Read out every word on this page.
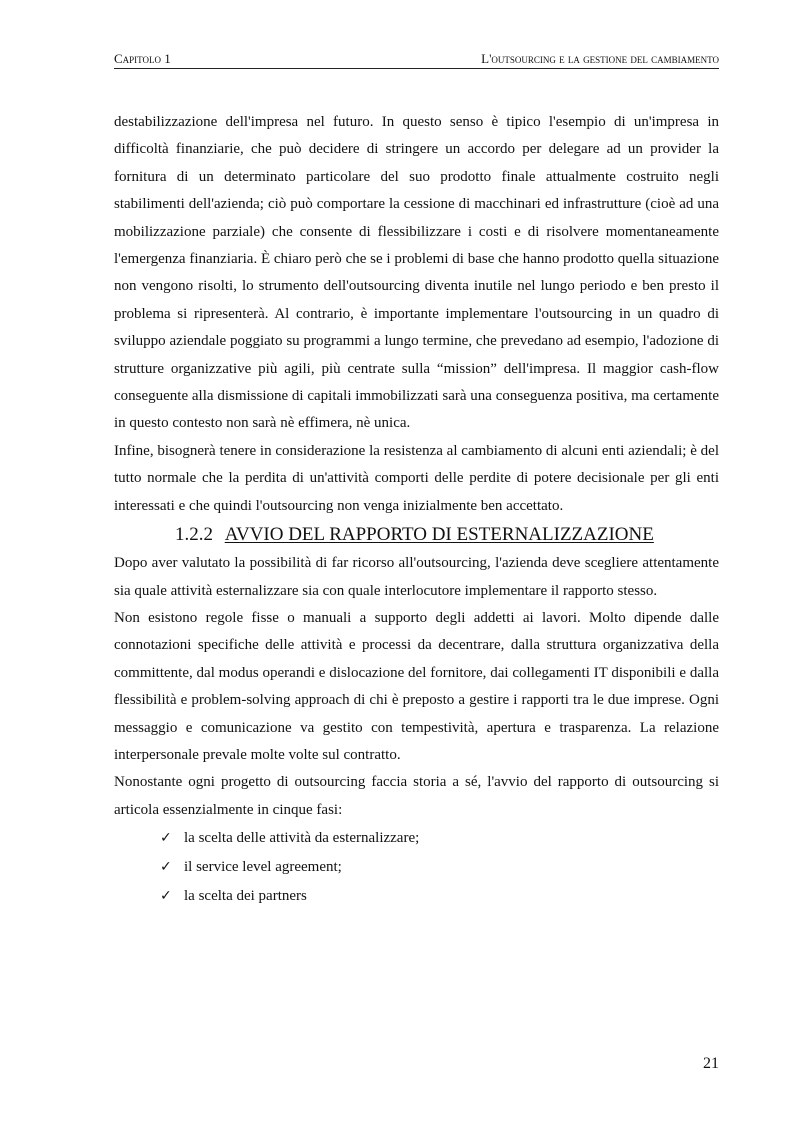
Capitolo 1	L'outsourcing e la gestione del cambiamento

destabilizzazione dell'impresa nel futuro. In questo senso è tipico l'esempio di un'impresa in difficoltà finanziarie, che può decidere di stringere un accordo per delegare ad un provider la fornitura di un determinato particolare del suo prodotto finale attualmente costruito negli stabilimenti dell'azienda; ciò può comportare la cessione di macchinari ed infrastrutture (cioè ad una mobilizzazione parziale) che consente di flessibilizzare i costi e di risolvere momentaneamente l'emergenza finanziaria. È chiaro però che se i problemi di base che hanno prodotto quella situazione non vengono risolti, lo strumento dell'outsourcing diventa inutile nel lungo periodo e ben presto il problema si ripresenterà. Al contrario, è importante implementare l'outsourcing in un quadro di sviluppo aziendale poggiato su programmi a lungo termine, che prevedano ad esempio, l'adozione di strutture organizzative più agili, più centrate sulla “mission” dell'impresa. Il maggior cash-flow conseguente alla dismissione di capitali immobilizzati sarà una conseguenza positiva, ma certamente in questo contesto non sarà nè effimera, nè unica.

Infine, bisognerà tenere in considerazione la resistenza al cambiamento di alcuni enti aziendali; è del tutto normale che la perdita di un'attività comporti delle perdite di potere decisionale per gli enti interessati e che quindi l'outsourcing non venga inizialmente ben accettato.

1.2.2 AVVIO DEL RAPPORTO DI ESTERNALIZZAZIONE

Dopo aver valutato la possibilità di far ricorso all'outsourcing, l'azienda deve scegliere attentamente sia quale attività esternalizzare sia con quale interlocutore implementare il rapporto stesso.

Non esistono regole fisse o manuali a supporto degli addetti ai lavori. Molto dipende dalle connotazioni specifiche delle attività e processi da decentrare, dalla struttura organizzativa della committente, dal modus operandi e dislocazione del fornitore, dai collegamenti IT disponibili e dalla flessibilità e problem-solving approach di chi è preposto a gestire i rapporti tra le due imprese. Ogni messaggio e comunicazione va gestito con tempestività, apertura e trasparenza. La relazione interpersonale prevale molte volte sul contratto.

Nonostante ogni progetto di outsourcing faccia storia a sé, l'avvio del rapporto di outsourcing si articola essenzialmente in cinque fasi:

✓ la scelta delle attività da esternalizzare;
✓ il service level agreement;
✓ la scelta dei partners
21
